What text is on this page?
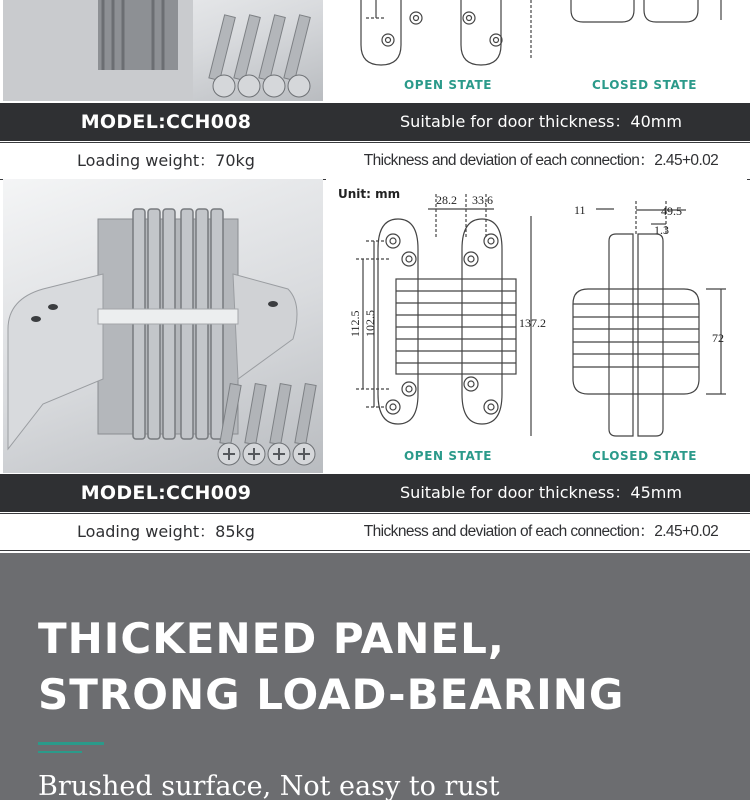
OPEN STATE	CLOSED STATE
MODEL:CCH008	Suitable for door thickness：40mm
Loading weight：70kg	Thickness and deviation of each connection：2.45+0.02
Unit: mm	28.2 33.6
112.5 102.5	137.2
11	49.5
1.3
72
OPEN STATE	CLOSED STATE
MODEL:CCH009	Suitable for door thickness：45mm
Loading weight：85kg	Thickness and deviation of each connection：2.45+0.02
THICKENED PANEL,
STRONG LOAD-BEARING
Brushed surface, Not easy to rust
